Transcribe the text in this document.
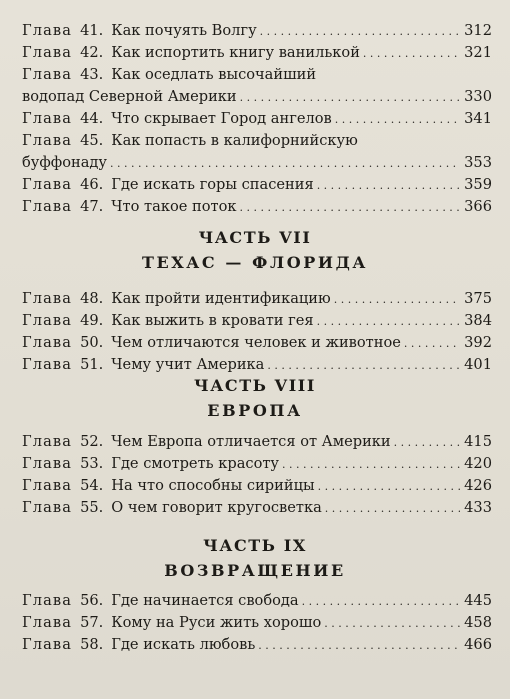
Глава 41. Как почуять Волгу . . .	312
Глава 42. Как испортить книгу ванилькой . . .	321
Глава 43. Как оседлать высочайший
водопад Северной Америки . . .	330
Глава 44. Что скрывает Город ангелов . . .	341
Глава 45. Как попасть в калифорнийскую
буффонаду . . .	353
Глава 46. Где искать горы спасения . . .	359
Глава 47. Что такое поток . . .	366
ЧАСТЬ VII
ТЕХАС — ФЛОРИДА
Глава 48. Как пройти идентификацию . . .	375
Глава 49. Как выжить в кровати гея . . .	384
Глава 50. Чем отличаются человек и животное . . .	392
Глава 51. Чему учит Америка . . .	401
ЧАСТЬ VIII
ЕВРОПА
Глава 52. Чем Европа отличается от Америки . . .	415
Глава 53. Где смотреть красоту . . .	420
Глава 54. На что способны сирийцы . . .	426
Глава 55. О чем говорит кругосветка . . .	433
ЧАСТЬ IX
ВОЗВРАЩЕНИЕ
Глава 56. Где начинается свобода . . .	445
Глава 57. Кому на Руси жить хорошо . . .	458
Глава 58. Где искать любовь . . .	466
